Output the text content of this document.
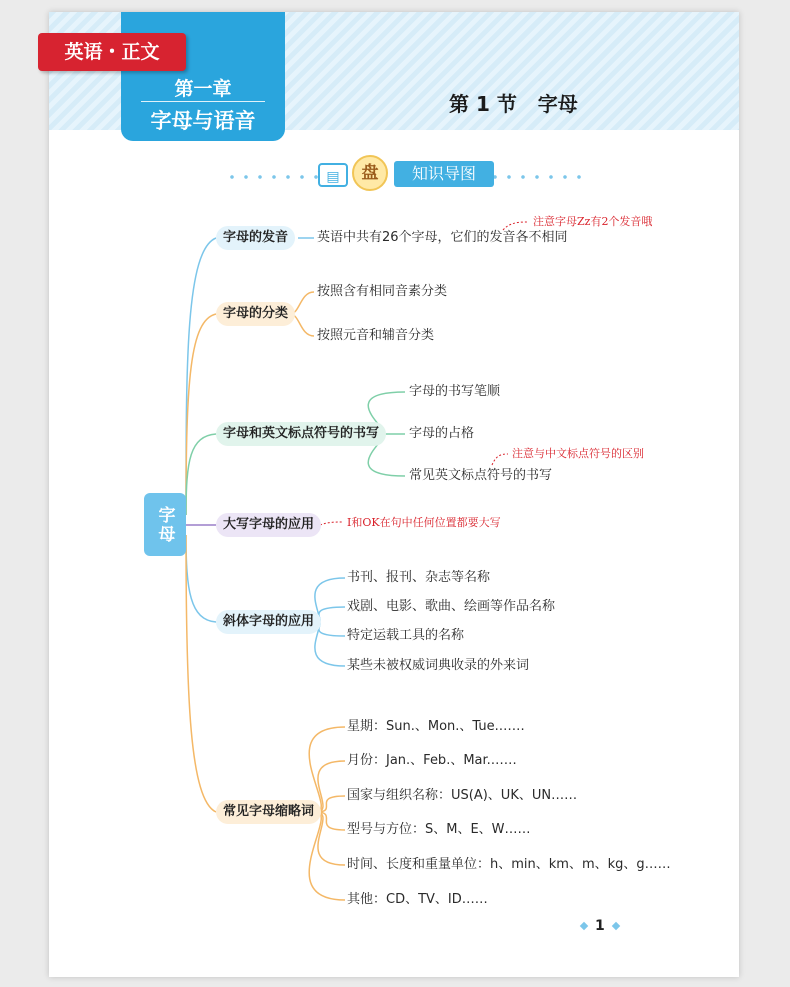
第一章
字母与语音
第 1 节   字母
英语・正文
▤	盘	知识导图
字母
字母的发音	英语中共有26个字母，它们的发音各不相同
注意字母Zz有2个发音哦
字母的分类
按照含有相同音素分类
按照元音和辅音分类
字母和英文标点符号的书写
字母的书写笔顺
字母的占格
常见英文标点符号的书写
注意与中文标点符号的区别
大写字母的应用	I和OK在句中任何位置都要大写
斜体字母的应用
书刊、报刊、杂志等名称
戏剧、电影、歌曲、绘画等作品名称
特定运载工具的名称
某些未被权威词典收录的外来词
常见字母缩略词
星期：Sun.、Mon.、Tue.……
月份：Jan.、Feb.、Mar.……
国家与组织名称：US(A)、UK、UN……
型号与方位：S、M、E、W……
时间、长度和重量单位：h、min、km、m、kg、g……
其他：CD、TV、ID……
1
